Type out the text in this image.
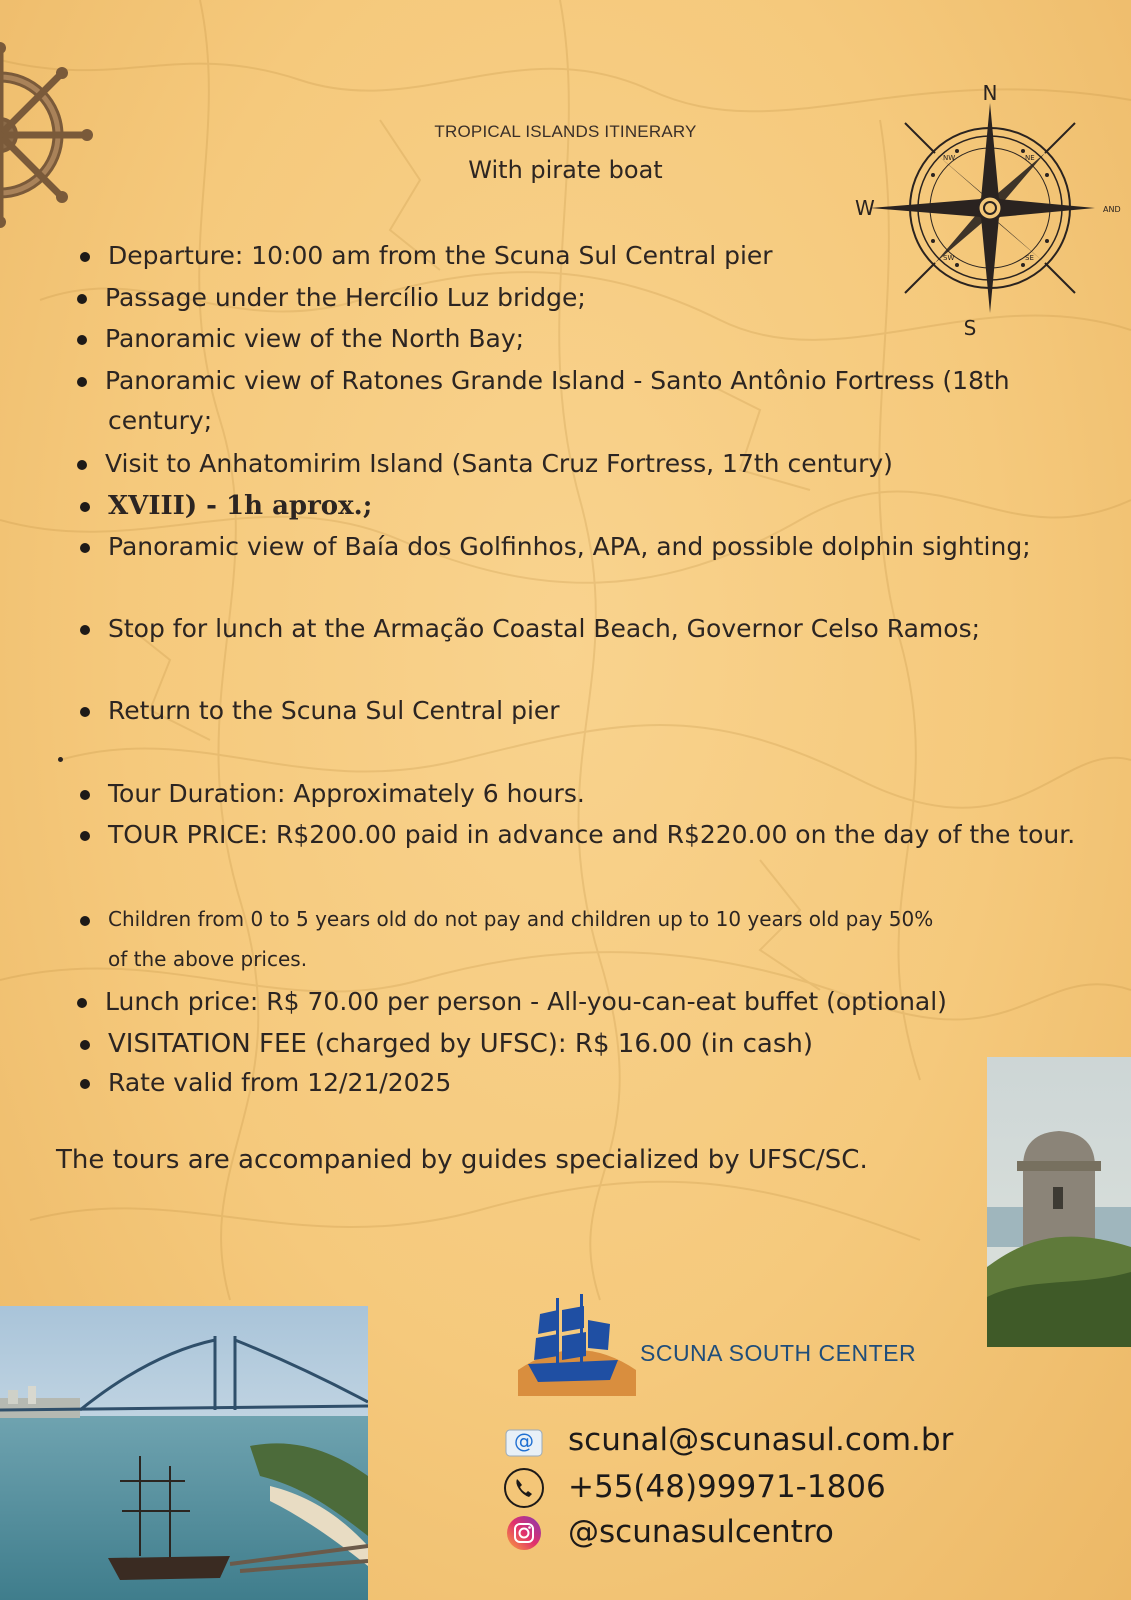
N
S
W	AND
NW	NE
SW	SE
TROPICAL ISLANDS ITINERARY
With pirate boat
Departure: 10:00 am from the Scuna Sul Central pier
Passage under the Hercílio Luz bridge;
Panoramic view of the North Bay;
Panoramic view of Ratones Grande Island - Santo Antônio Fortress (18th
century;
Visit to Anhatomirim Island (Santa Cruz Fortress, 17th century)
XVIII) - 1h aprox.;
Panoramic view of Baía dos Golfinhos, APA, and possible dolphin sighting;
Stop for lunch at the Armação Coastal Beach, Governor Celso Ramos;
Return to the Scuna Sul Central pier
Tour Duration: Approximately 6 hours.
TOUR PRICE: R$200.00 paid in advance and R$220.00 on the day of the tour.
Children from 0 to 5 years old do not pay and children up to 10 years old pay 50%
of the above prices.
Lunch price: R$ 70.00 per person - All-you-can-eat buffet (optional)
VISITATION FEE (charged by UFSC): R$ 16.00 (in cash)
Rate valid from 12/21/2025
The tours are accompanied by guides specialized by UFSC/SC.
SCUNA SOUTH CENTER
@ scunal@scunasul.com.br
+55(48)99971-1806
@scunasulcentro
